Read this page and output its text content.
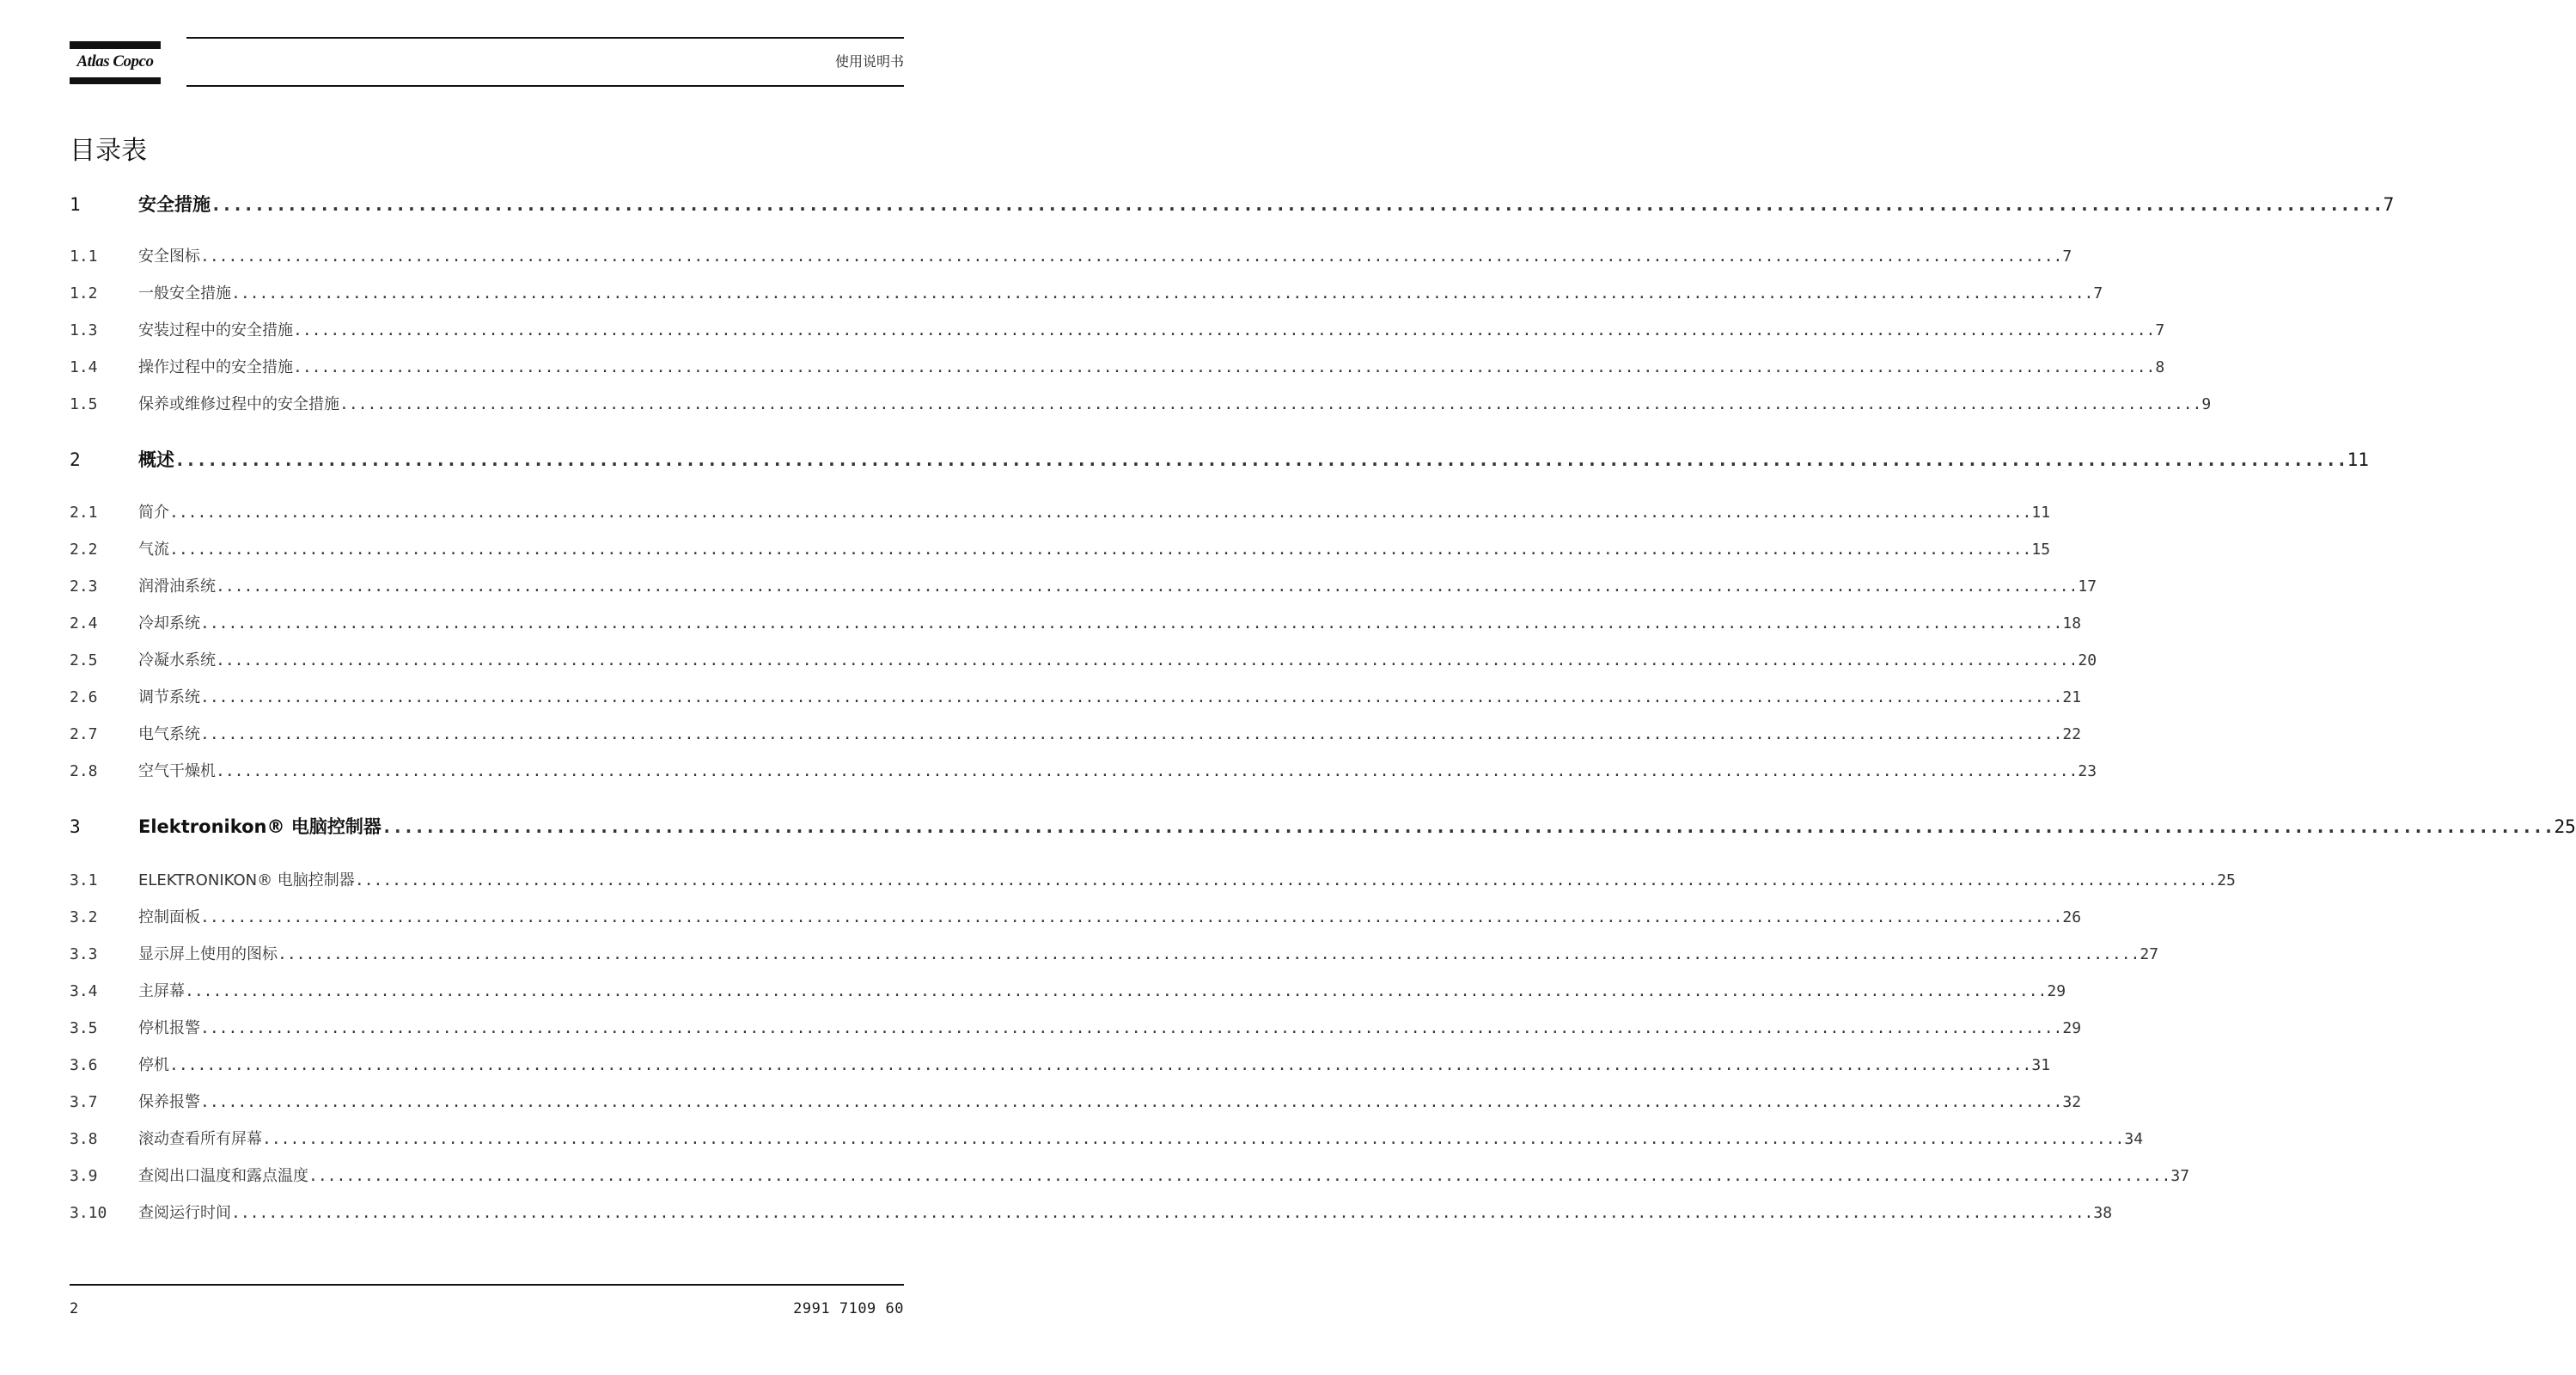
Atlas Copco	使用说明书
目录表
1	安全措施 ........................................................................................................................................................................................................ 7
1.1	安全图标 ........................................................................................................................................................................................................ 7
1.2	一般安全措施 ........................................................................................................................................................................................................ 7
1.3	安装过程中的安全措施 ........................................................................................................................................................................................................ 7
1.4	操作过程中的安全措施 ........................................................................................................................................................................................................ 8
1.5	保养或维修过程中的安全措施 ........................................................................................................................................................................................................ 9
2	概述 ........................................................................................................................................................................................................ 11
2.1	简介 ........................................................................................................................................................................................................ 11
2.2	气流 ........................................................................................................................................................................................................ 15
2.3	润滑油系统 ........................................................................................................................................................................................................ 17
2.4	冷却系统 ........................................................................................................................................................................................................ 18
2.5	冷凝水系统 ........................................................................................................................................................................................................ 20
2.6	调节系统 ........................................................................................................................................................................................................ 21
2.7	电气系统 ........................................................................................................................................................................................................ 22
2.8	空气干燥机 ........................................................................................................................................................................................................ 23
3	Elektronikon® 电脑控制器 ........................................................................................................................................................................................................ 25
3.1	ELEKTRONIKON® 电脑控制器 ........................................................................................................................................................................................................ 25
3.2	控制面板 ........................................................................................................................................................................................................ 26
3.3	显示屏上使用的图标 ........................................................................................................................................................................................................ 27
3.4	主屏幕 ........................................................................................................................................................................................................ 29
3.5	停机报警 ........................................................................................................................................................................................................ 29
3.6	停机 ........................................................................................................................................................................................................ 31
3.7	保养报警 ........................................................................................................................................................................................................ 32
3.8	滚动查看所有屏幕 ........................................................................................................................................................................................................ 34
3.9	查阅出口温度和露点温度 ........................................................................................................................................................................................................ 37
3.10	查阅运行时间 ........................................................................................................................................................................................................ 38
2	2991 7109 60
